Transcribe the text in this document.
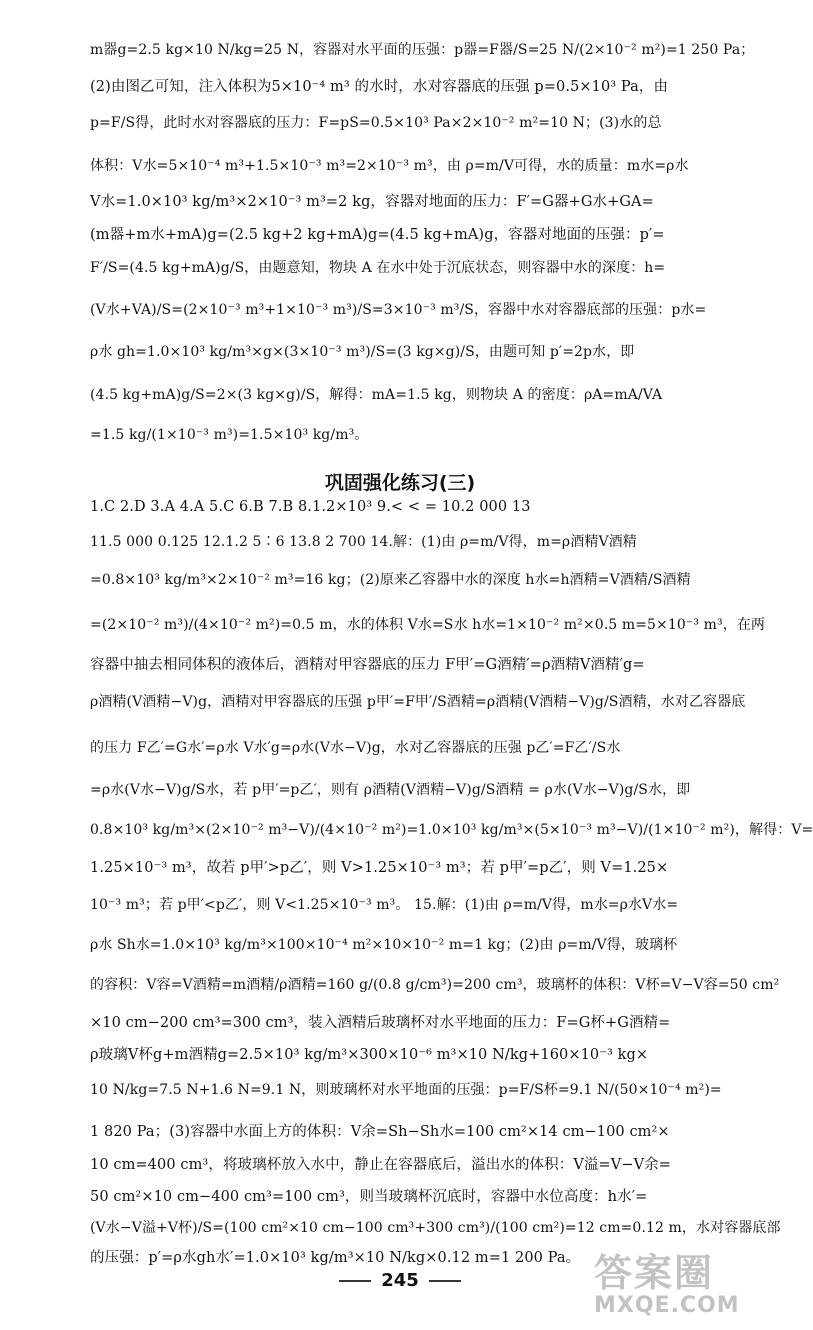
m器g=2.5 kg×10 N/kg=25 N，容器对水平面的压强：p器=F器/S=25 N/(2×10⁻² m²)=1 250 Pa；
(2)由图乙可知，注入体积为5×10⁻⁴ m³ 的水时，水对容器底的压强 p=0.5×10³ Pa，由
p=F/S得，此时水对容器底的压力：F=pS=0.5×10³ Pa×2×10⁻² m²=10 N；(3)水的总
体积：V水=5×10⁻⁴ m³+1.5×10⁻³ m³=2×10⁻³ m³，由 ρ=m/V可得，水的质量：m水=ρ水
V水=1.0×10³ kg/m³×2×10⁻³ m³=2 kg，容器对地面的压力：F′=G器+G水+GA=
(m器+m水+mA)g=(2.5 kg+2 kg+mA)g=(4.5 kg+mA)g，容器对地面的压强：p′=
F′/S=(4.5 kg+mA)g/S，由题意知，物块 A 在水中处于沉底状态，则容器中水的深度：h=
(V水+VA)/S=(2×10⁻³ m³+1×10⁻³ m³)/S=3×10⁻³ m³/S，容器中水对容器底部的压强：p水=
ρ水 gh=1.0×10³ kg/m³×g×(3×10⁻³ m³)/S=(3 kg×g)/S，由题可知 p′=2p水，即
(4.5 kg+mA)g/S=2×(3 kg×g)/S，解得：mA=1.5 kg，则物块 A 的密度：ρA=mA/VA
=1.5 kg/(1×10⁻³ m³)=1.5×10³ kg/m³。
巩固强化练习(三)
1.C 2.D 3.A 4.A 5.C 6.B 7.B 8.1.2×10³ 9.< < = 10.2 000 13
11.5 000 0.125 12.1.2 5∶6 13.8 2 700 14.解：(1)由 ρ=m/V得，m=ρ酒精V酒精
=0.8×10³ kg/m³×2×10⁻² m³=16 kg；(2)原来乙容器中水的深度 h水=h酒精=V酒精/S酒精
=(2×10⁻² m³)/(4×10⁻² m²)=0.5 m，水的体积 V水=S水 h水=1×10⁻² m²×0.5 m=5×10⁻³ m³，在两
容器中抽去相同体积的液体后，酒精对甲容器底的压力 F甲′=G酒精′=ρ酒精V酒精′g=
ρ酒精(V酒精−V)g，酒精对甲容器底的压强 p甲′=F甲′/S酒精=ρ酒精(V酒精−V)g/S酒精，水对乙容器底
的压力 F乙′=G水′=ρ水 V水′g=ρ水(V水−V)g，水对乙容器底的压强 p乙′=F乙′/S水
=ρ水(V水−V)g/S水，若 p甲′=p乙′，则有 ρ酒精(V酒精−V)g/S酒精 = ρ水(V水−V)g/S水，即
0.8×10³ kg/m³×(2×10⁻² m³−V)/(4×10⁻² m²)=1.0×10³ kg/m³×(5×10⁻³ m³−V)/(1×10⁻² m²)，解得：V=
1.25×10⁻³ m³，故若 p甲′>p乙′，则 V>1.25×10⁻³ m³；若 p甲′=p乙′，则 V=1.25×
10⁻³ m³；若 p甲′<p乙′，则 V<1.25×10⁻³ m³。 15.解：(1)由 ρ=m/V得，m水=ρ水V水=
ρ水 Sh水=1.0×10³ kg/m³×100×10⁻⁴ m²×10×10⁻² m=1 kg；(2)由 ρ=m/V得，玻璃杯
的容积：V容=V酒精=m酒精/ρ酒精=160 g/(0.8 g/cm³)=200 cm³，玻璃杯的体积：V杯=V−V容=50 cm²
×10 cm−200 cm³=300 cm³，装入酒精后玻璃杯对水平地面的压力：F=G杯+G酒精=
ρ玻璃V杯g+m酒精g=2.5×10³ kg/m³×300×10⁻⁶ m³×10 N/kg+160×10⁻³ kg×
10 N/kg=7.5 N+1.6 N=9.1 N，则玻璃杯对水平地面的压强：p=F/S杯=9.1 N/(50×10⁻⁴ m²)=
1 820 Pa；(3)容器中水面上方的体积：V余=Sh−Sh水=100 cm²×14 cm−100 cm²×
10 cm=400 cm³，将玻璃杯放入水中，静止在容器底后，溢出水的体积：V溢=V−V余=
50 cm²×10 cm−400 cm³=100 cm³，则当玻璃杯沉底时，容器中水位高度：h水′=
(V水−V溢+V杯)/S=(100 cm²×10 cm−100 cm³+300 cm³)/(100 cm²)=12 cm=0.12 m，水对容器底部
的压强：p′=ρ水gh水′=1.0×10³ kg/m³×10 N/kg×0.12 m=1 200 Pa。
245	答案圈
MXQE.COM
